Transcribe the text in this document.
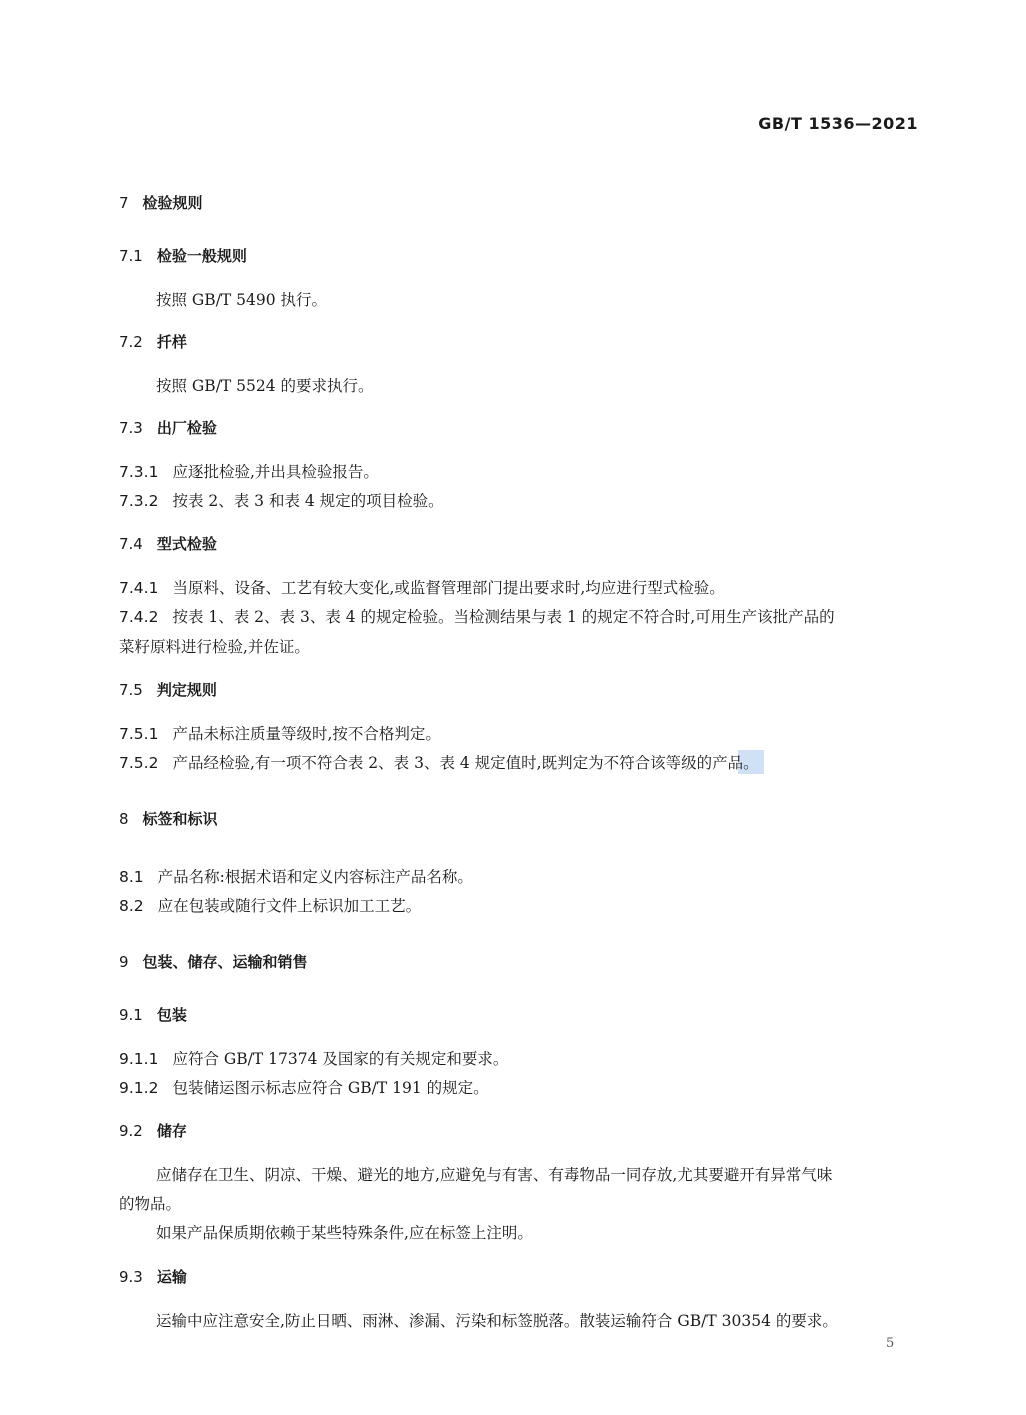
GB/T 1536—2021
7 检验规则
7.1 检验一般规则
按照 GB/T 5490 执行。
7.2 扦样
按照 GB/T 5524 的要求执行。
7.3 出厂检验
7.3.1 应逐批检验,并出具检验报告。
7.3.2 按表 2、表 3 和表 4 规定的项目检验。
7.4 型式检验
7.4.1 当原料、设备、工艺有较大变化,或监督管理部门提出要求时,均应进行型式检验。
7.4.2 按表 1、表 2、表 3、表 4 的规定检验。当检测结果与表 1 的规定不符合时,可用生产该批产品的
菜籽原料进行检验,并佐证。
7.5 判定规则
7.5.1 产品未标注质量等级时,按不合格判定。
7.5.2 产品经检验,有一项不符合表 2、表 3、表 4 规定值时,既判定为不符合该等级的产品。
8 标签和标识
8.1 产品名称:根据术语和定义内容标注产品名称。
8.2 应在包装或随行文件上标识加工工艺。
9 包装、储存、运输和销售
9.1 包装
9.1.1 应符合 GB/T 17374 及国家的有关规定和要求。
9.1.2 包装储运图示标志应符合 GB/T 191 的规定。
9.2 储存
应储存在卫生、阴凉、干燥、避光的地方,应避免与有害、有毒物品一同存放,尤其要避开有异常气味
的物品。
如果产品保质期依赖于某些特殊条件,应在标签上注明。
9.3 运输
运输中应注意安全,防止日晒、雨淋、渗漏、污染和标签脱落。散装运输符合 GB/T 30354 的要求。
5
